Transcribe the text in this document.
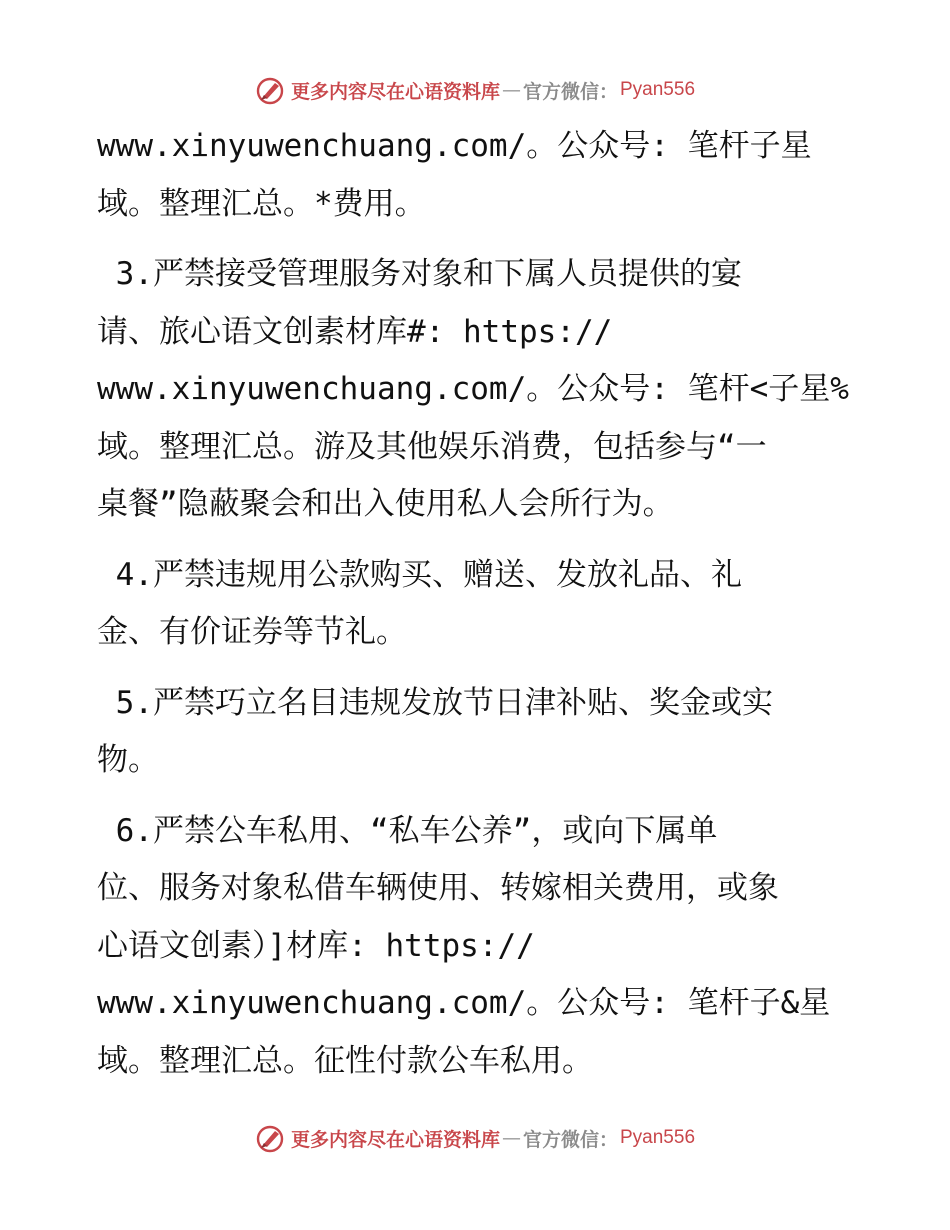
更多内容尽在心语资料库 — 官方微信： Pyan556
www.xinyuwenchuang.com/。公众号: 笔杆子星
域。整理汇总。*费用。
3.严禁接受管理服务对象和下属人员提供的宴
请、旅心语文创素材库#: https://
www.xinyuwenchuang.com/。公众号: 笔杆<子星%
域。整理汇总。游及其他娱乐消费，包括参与“一
桌餐”隐蔽聚会和出入使用私人会所行为。
4.严禁违规用公款购买、赠送、发放礼品、礼
金、有价证券等节礼。
5.严禁巧立名目违规发放节日津补贴、奖金或实
物。
6.严禁公车私用、“私车公养”，或向下属单
位、服务对象私借车辆使用、转嫁相关费用，或象
心语文创素）]材库: https://
www.xinyuwenchuang.com/。公众号: 笔杆子&星
域。整理汇总。征性付款公车私用。
更多内容尽在心语资料库 — 官方微信： Pyan556
